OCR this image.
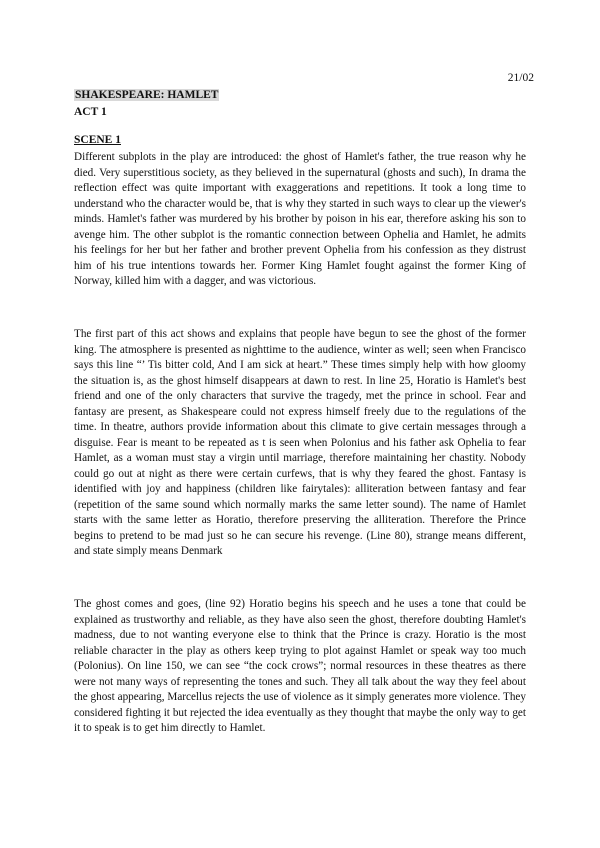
21/02
SHAKESPEARE: HAMLET
ACT 1
SCENE 1

Different subplots in the play are introduced: the ghost of Hamlet's father, the true reason why he died. Very superstitious society, as they believed in the supernatural (ghosts and such), In drama the reflection effect was quite important with exaggerations and repetitions. It took a long time to understand who the character would be, that is why they started in such ways to clear up the viewer's minds. Hamlet's father was murdered by his brother by poison in his ear, therefore asking his son to avenge him. The other subplot is the romantic connection between Ophelia and Hamlet, he admits his feelings for her but her father and brother prevent Ophelia from his confession as they distrust him of his true intentions towards her. Former King Hamlet fought against the former King of Norway, killed him with a dagger, and was victorious.

The first part of this act shows and explains that people have begun to see the ghost of the former king. The atmosphere is presented as nighttime to the audience, winter as well; seen when Francisco says this line “’ Tis bitter cold, And I am sick at heart.” These times simply help with how gloomy the situation is, as the ghost himself disappears at dawn to rest. In line 25, Horatio is Hamlet's best friend and one of the only characters that survive the tragedy, met the prince in school. Fear and fantasy are present, as Shakespeare could not express himself freely due to the regulations of the time. In theatre, authors provide information about this climate to give certain messages through a disguise. Fear is meant to be repeated as t is seen when Polonius and his father ask Ophelia to fear Hamlet, as a woman must stay a virgin until marriage, therefore maintaining her chastity. Nobody could go out at night as there were certain curfews, that is why they feared the ghost. Fantasy is identified with joy and happiness (children like fairytales): alliteration between fantasy and fear (repetition of the same sound which normally marks the same letter sound). The name of Hamlet starts with the same letter as Horatio, therefore preserving the alliteration. Therefore the Prince begins to pretend to be mad just so he can secure his revenge. (Line 80), strange means different, and state simply means Denmark

The ghost comes and goes, (line 92) Horatio begins his speech and he uses a tone that could be explained as trustworthy and reliable, as they have also seen the ghost, therefore doubting Hamlet's madness, due to not wanting everyone else to think that the Prince is crazy. Horatio is the most reliable character in the play as others keep trying to plot against Hamlet or speak way too much (Polonius). On line 150, we can see “the cock crows”; normal resources in these theatres as there were not many ways of representing the tones and such. They all talk about the way they feel about the ghost appearing, Marcellus rejects the use of violence as it simply generates more violence. They considered fighting it but rejected the idea eventually as they thought that maybe the only way to get it to speak is to get him directly to Hamlet.
